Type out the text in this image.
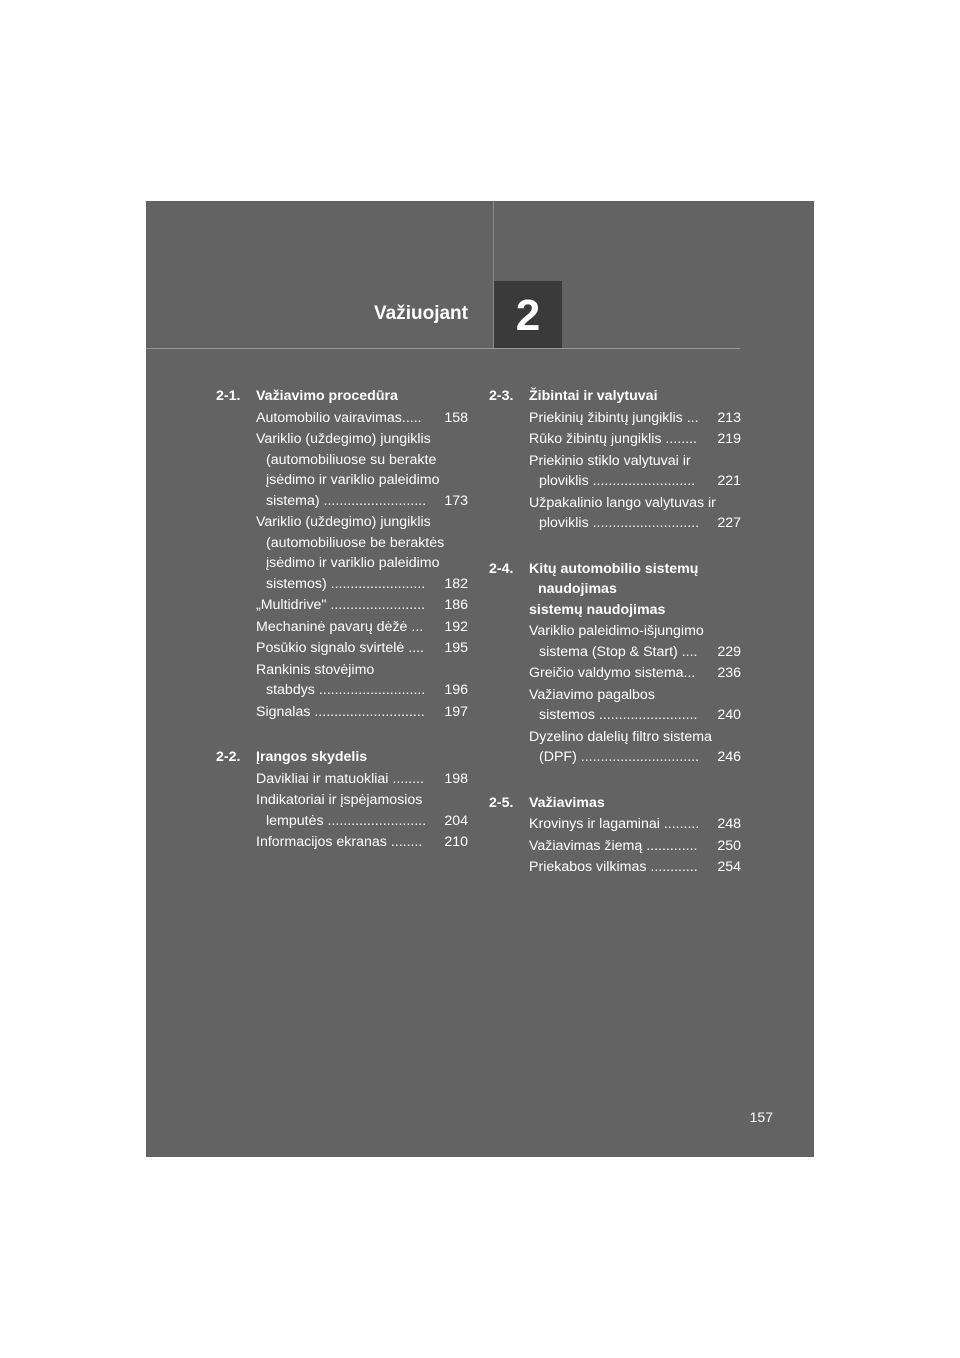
Važiuojant	2
2-1.	Važiavimo procedūra
Automobilio vairavimas..... 158
Variklio (uždegimo) jungiklis
(automobiliuose su berakte
įsėdimo ir variklio paleidimo
sistema) .......................... 173
Variklio (uždegimo) jungiklis
(automobiliuose be beraktės
įsėdimo ir variklio paleidimo
sistemos) ........................ 182
„Multidrive" ........................ 186
Mechaninė pavarų dėžė ... 192
Posūkio signalo svirtelė .... 195
Rankinis stovėjimo
stabdys ........................... 196
Signalas ............................ 197
2-2.	Įrangos skydelis
Davikliai ir matuokliai ........ 198
Indikatoriai ir įspėjamosios
lemputės ......................... 204
Informacijos ekranas ........ 210
2-3.	Žibintai ir valytuvai
Priekinių žibintų jungiklis ... 213
Rūko žibintų jungiklis ........ 219
Priekinio stiklo valytuvai ir
ploviklis .......................... 221
Užpakalinio lango valytuvas ir
ploviklis ........................... 227
2-4.	Kitų automobilio sistemų
naudojimas
sistemų naudojimas
Variklio paleidimo-išjungimo
sistema (Stop & Start) .... 229
Greičio valdymo sistema... 236
Važiavimo pagalbos
sistemos ......................... 240
Dyzelino dalelių filtro sistema
(DPF) .............................. 246
2-5.	Važiavimas
Krovinys ir lagaminai ......... 248
Važiavimas žiemą ............. 250
Priekabos vilkimas ............ 254
157
